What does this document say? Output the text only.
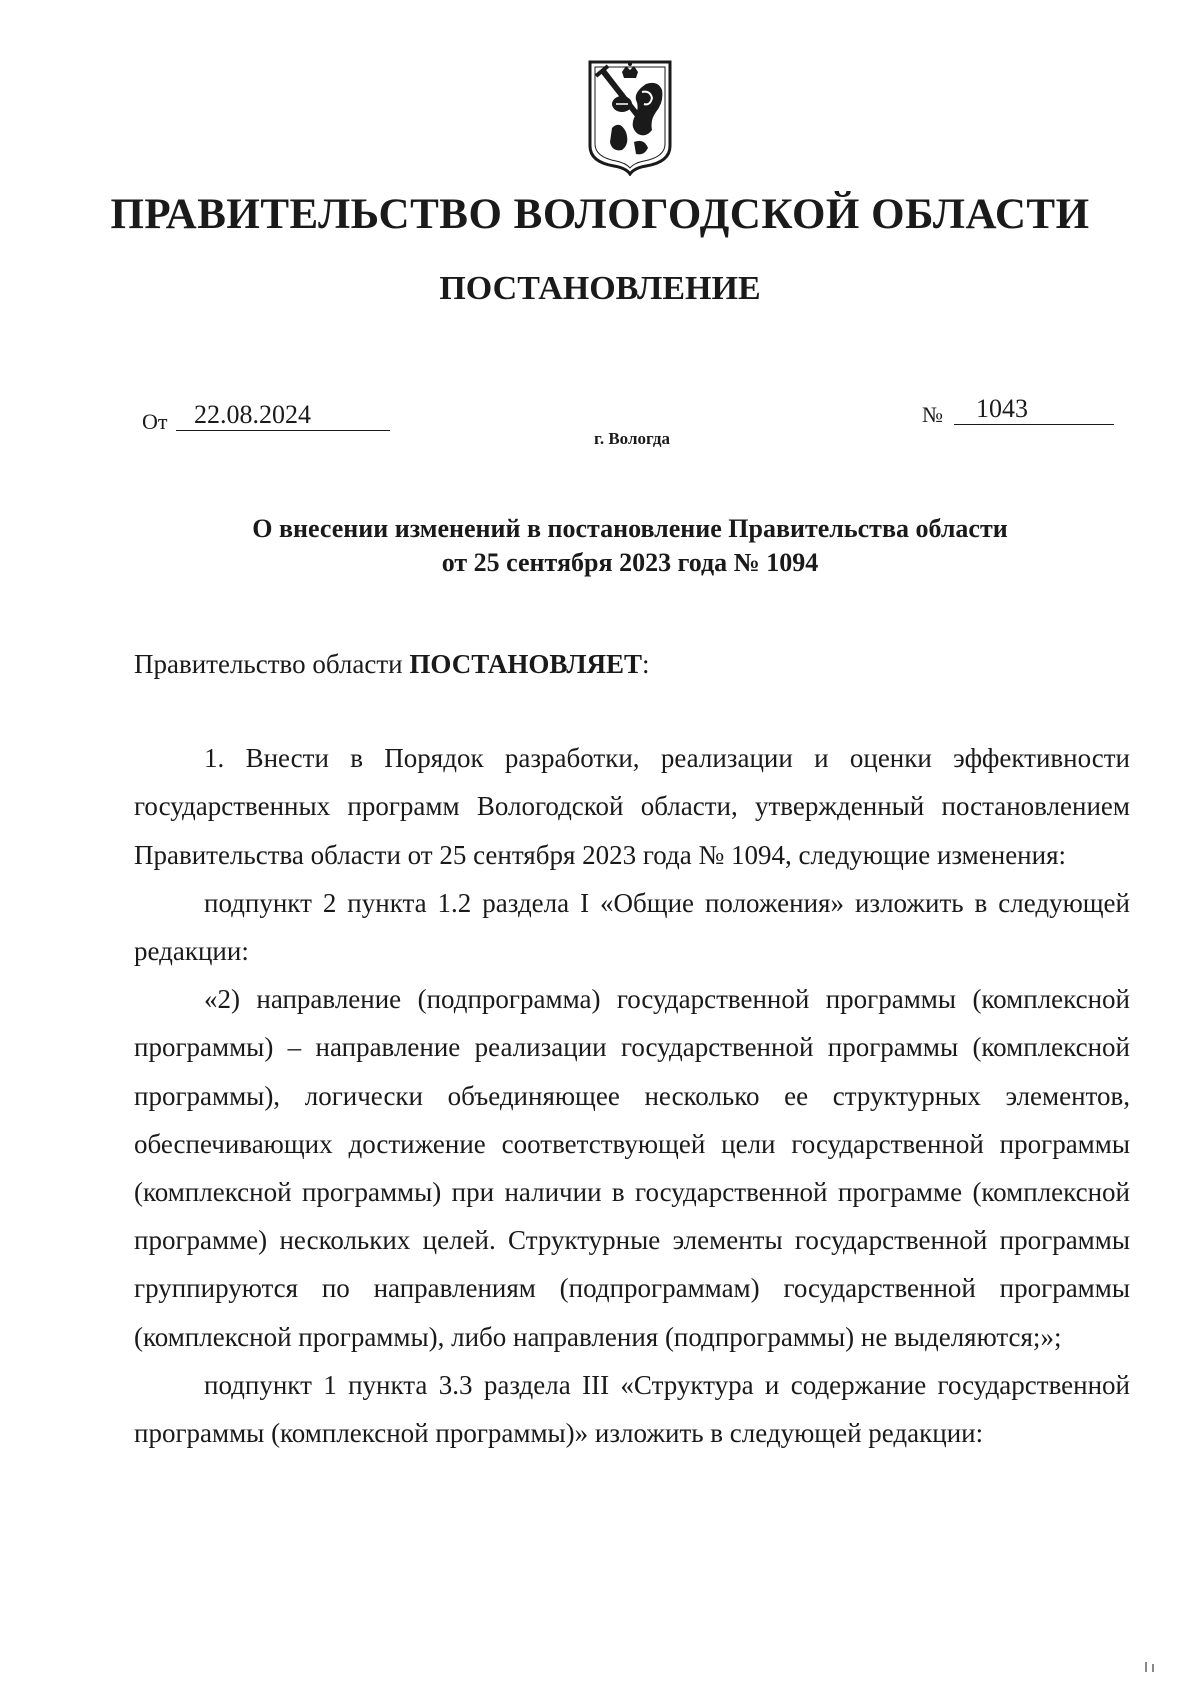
ПРАВИТЕЛЬСТВО ВОЛОГОДСКОЙ ОБЛАСТИ
ПОСТАНОВЛЕНИЕ
От	22.08.2024	№	1043
г. Вологда
О внесении изменений в постановление Правительства области
от 25 сентября 2023 года № 1094

Правительство области ПОСТАНОВЛЯЕТ:

1. Внести в Порядок разработки, реализации и оценки эффективности государственных программ Вологодской области, утвержденный постановлением Правительства области от 25 сентября 2023 года № 1094, следующие изменения:

подпункт 2 пункта 1.2 раздела I «Общие положения» изложить в следующей редакции:

«2) направление (подпрограмма) государственной программы (комплексной программы) – направление реализации государственной программы (комплексной программы), логически объединяющее несколько ее структурных элементов, обеспечивающих достижение соответствующей цели государственной программы (комплексной программы) при наличии в государственной программе (комплексной программе) нескольких целей. Структурные элементы государственной программы группируются по направлениям (подпрограммам) государственной программы (комплексной программы), либо направления (подпрограммы) не выделяются;»;

подпункт 1 пункта 3.3 раздела III «Структура и содержание государственной программы (комплексной программы)» изложить в следующей редакции:
